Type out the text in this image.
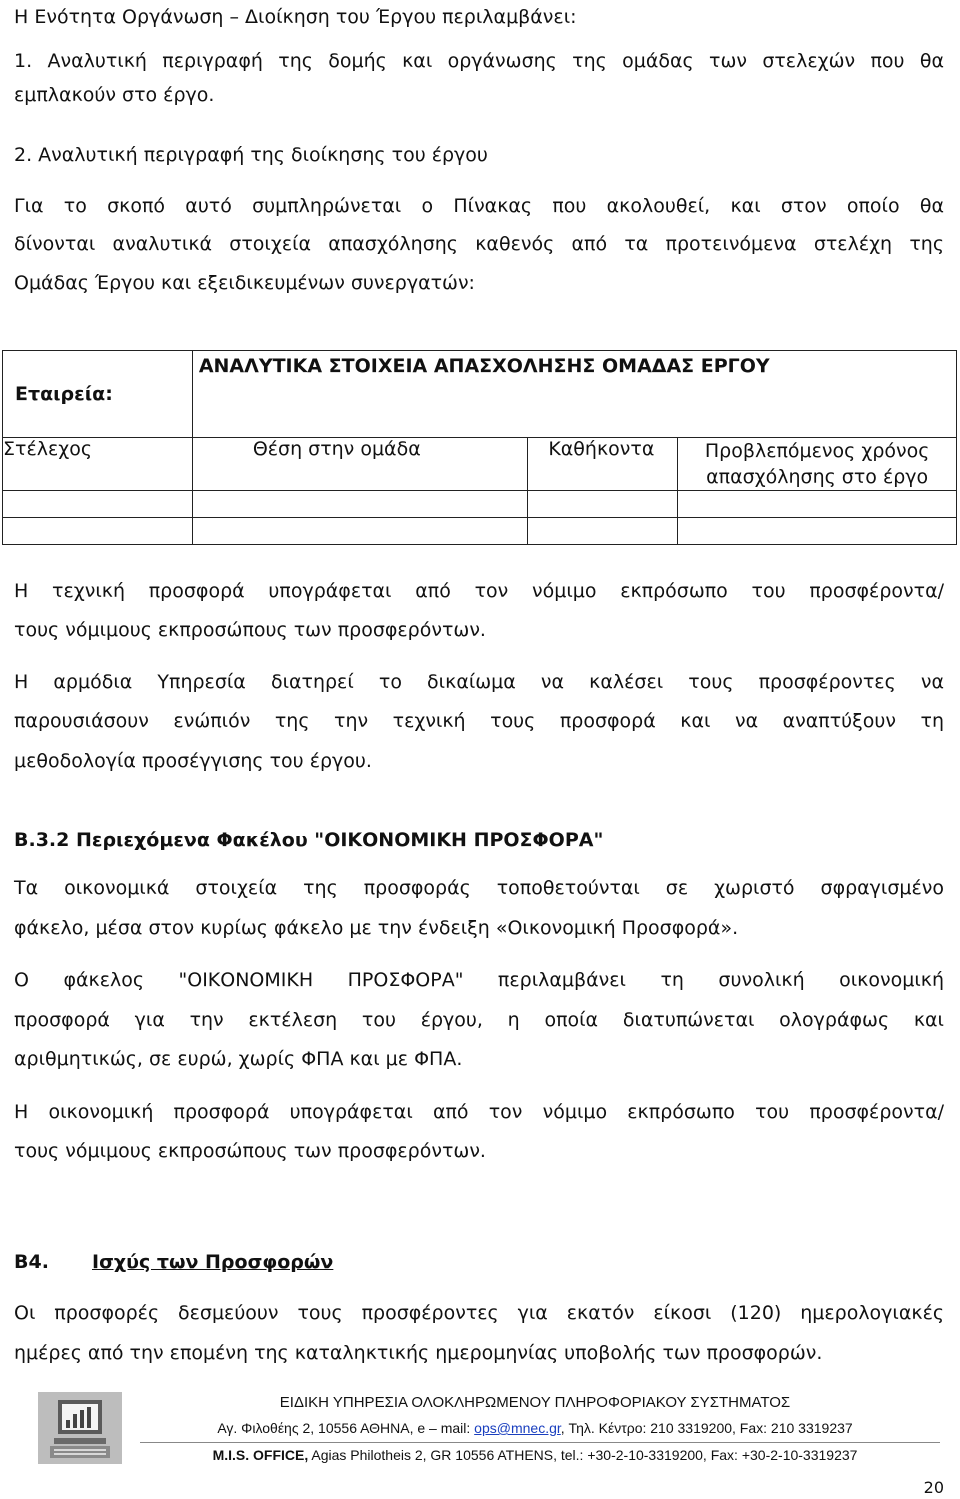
Η Ενότητα Οργάνωση – Διοίκηση του Έργου περιλαμβάνει:

1. Αναλυτική περιγραφή της δομής και οργάνωσης της ομάδας των στελεχών που θα

εμπλακούν στο έργο.

2. Αναλυτική περιγραφή της διοίκησης του έργου

Για το σκοπό αυτό συμπληρώνεται ο Πίνακας που ακολουθεί, και στον οποίο θα

δίνονται αναλυτικά στοιχεία απασχόλησης καθενός από τα προτεινόμενα στελέχη της

Ομάδας Έργου και εξειδικευμένων συνεργατών:

Εταιρεία:	ΑΝΑΛΥΤΙΚΑ ΣΤΟΙΧΕΙΑ ΑΠΑΣΧΟΛΗΣΗΣ ΟΜΑΔΑΣ ΕΡΓΟΥ		
Στέλεχος	Θέση στην ομάδα	Καθήκοντα	Προβλεπόμενος χρόνος απασχόλησης στο έργο

Η τεχνική προσφορά υπογράφεται από τον νόμιμο εκπρόσωπο του προσφέροντα/

τους νόμιμους εκπροσώπους των προσφερόντων.

Η αρμόδια Υπηρεσία διατηρεί το δικαίωμα να καλέσει τους προσφέροντες να

παρουσιάσουν ενώπιόν της την τεχνική τους προσφορά και να αναπτύξουν τη

μεθοδολογία προσέγγισης του έργου.

Β.3.2 Περιεχόμενα Φακέλου "ΟΙΚΟΝΟΜΙΚΗ ΠΡΟΣΦΟΡΑ"

Τα οικονομικά στοιχεία της προσφοράς τοποθετούνται σε χωριστό σφραγισμένο

φάκελο, μέσα στον κυρίως φάκελο με την ένδειξη «Οικονομική Προσφορά».

Ο φάκελος "ΟΙΚΟΝΟΜΙΚΗ ΠΡΟΣΦΟΡΑ" περιλαμβάνει τη συνολική οικονομική

προσφορά για την εκτέλεση του έργου, η οποία διατυπώνεται ολογράφως και

αριθμητικώς, σε ευρώ, χωρίς ΦΠΑ και με ΦΠΑ.

Η οικονομική προσφορά υπογράφεται από τον νόμιμο εκπρόσωπο του προσφέροντα/

τους νόμιμους εκπροσώπους των προσφερόντων.

Β4. Ισχύς των Προσφορών

Οι προσφορές δεσμεύουν τους προσφέροντες για εκατόν είκοσι (120) ημερολογιακές

ημέρες από την επομένη της καταληκτικής ημερομηνίας υποβολής των προσφορών.

ΕΙΔΙΚΗ ΥΠΗΡΕΣΙΑ ΟΛΟΚΛΗΡΩΜΕΝΟΥ ΠΛΗΡΟΦΟΡΙΑΚΟΥ ΣΥΣΤΗΜΑΤΟΣ
Αγ. Φιλοθέης 2, 10556 ΑΘΗΝΑ, e – mail: ops@mnec.gr, Τηλ. Κέντρο: 210 3319200, Fax: 210 3319237
M.I.S. OFFICE, Agias Philotheis 2, GR 10556 ATHENS, tel.: +30-2-10-3319200, Fax: +30-2-10-3319237
20
